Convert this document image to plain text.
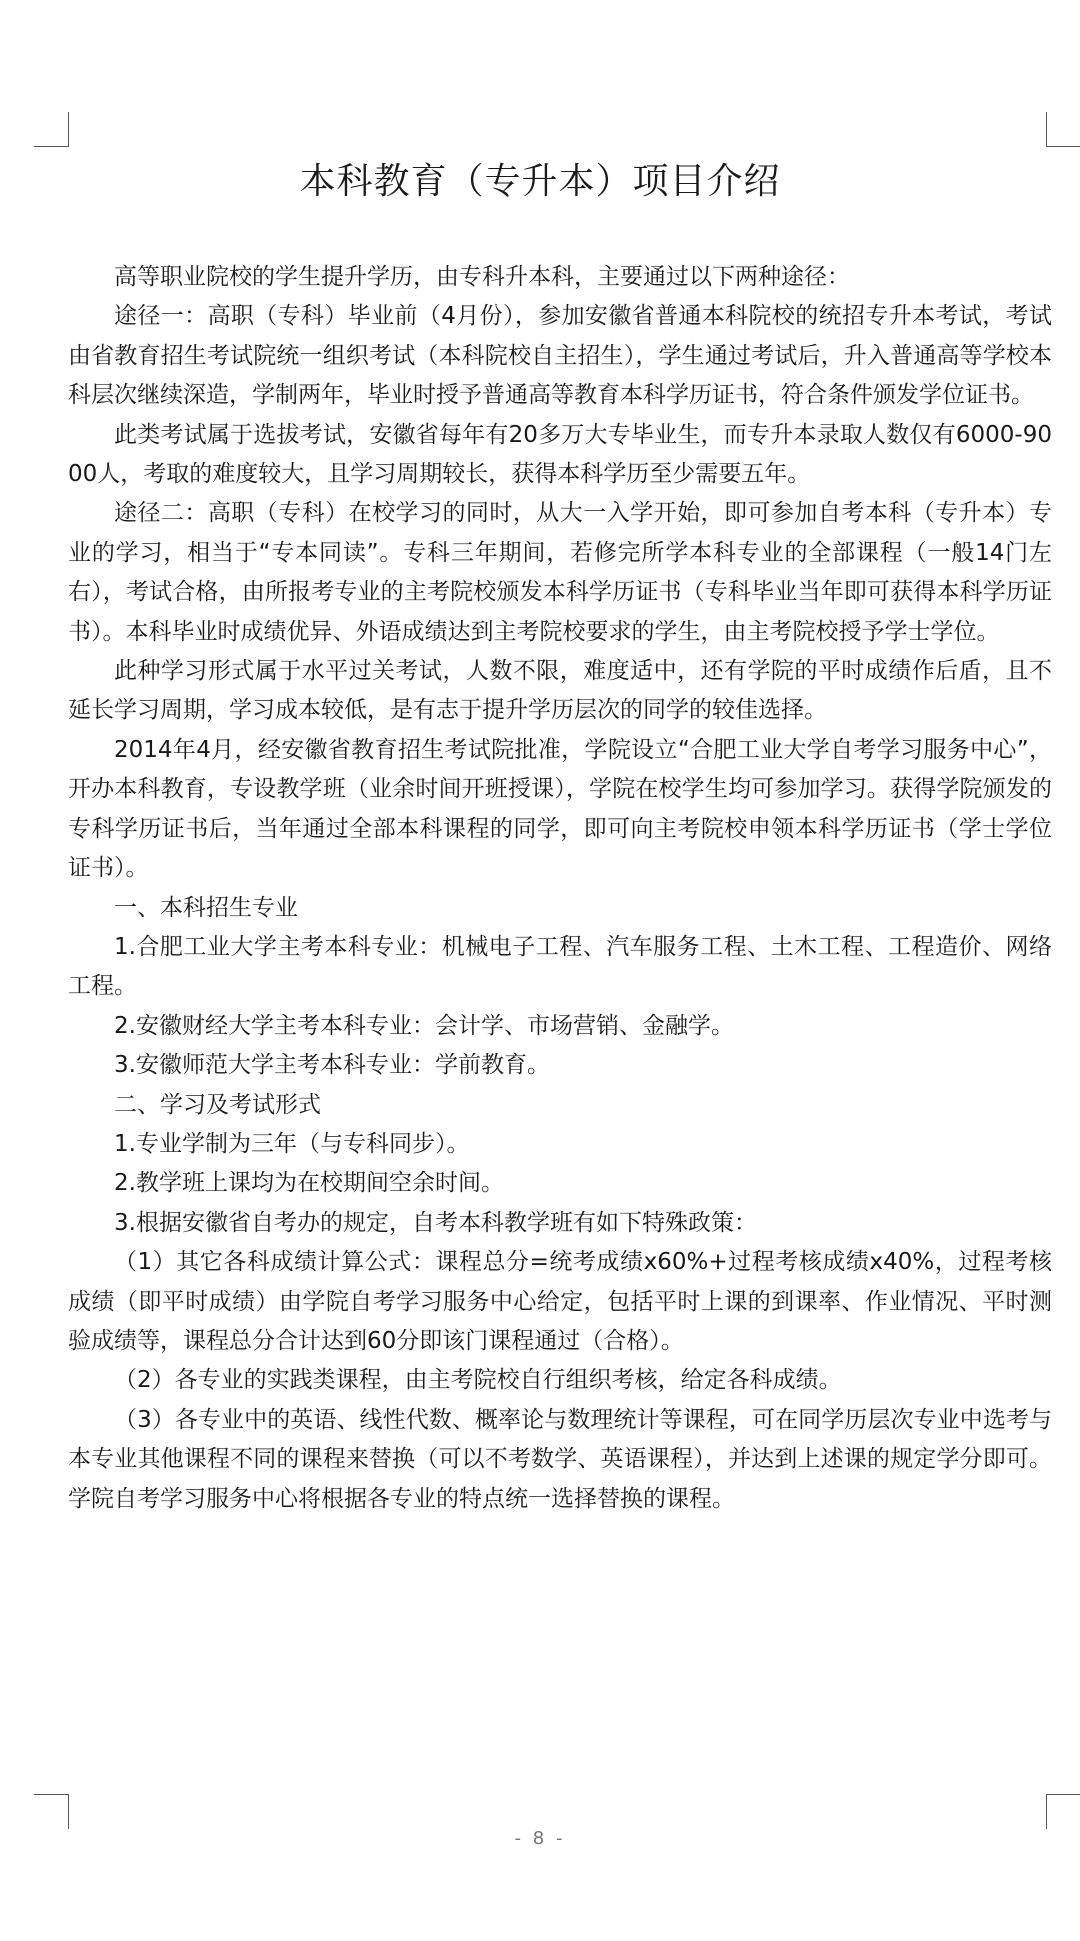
本科教育（专升本）项目介绍

高等职业院校的学生提升学历，由专科升本科，主要通过以下两种途径：

途径一：高职（专科）毕业前（4月份），参加安徽省普通本科院校的统招专升本考试，考试由省教育招生考试院统一组织考试（本科院校自主招生），学生通过考试后，升入普通高等学校本科层次继续深造，学制两年，毕业时授予普通高等教育本科学历证书，符合条件颁发学位证书。

此类考试属于选拔考试，安徽省每年有20多万大专毕业生，而专升本录取人数仅有6000-9000人，考取的难度较大，且学习周期较长，获得本科学历至少需要五年。

途径二：高职（专科）在校学习的同时，从大一入学开始，即可参加自考本科（专升本）专业的学习，相当于“专本同读”。专科三年期间，若修完所学本科专业的全部课程（一般14门左右），考试合格，由所报考专业的主考院校颁发本科学历证书（专科毕业当年即可获得本科学历证书）。本科毕业时成绩优异、外语成绩达到主考院校要求的学生，由主考院校授予学士学位。

此种学习形式属于水平过关考试，人数不限，难度适中，还有学院的平时成绩作后盾，且不延长学习周期，学习成本较低，是有志于提升学历层次的同学的较佳选择。

2014年4月，经安徽省教育招生考试院批准，学院设立“合肥工业大学自考学习服务中心”，开办本科教育，专设教学班（业余时间开班授课），学院在校学生均可参加学习。获得学院颁发的专科学历证书后，当年通过全部本科课程的同学，即可向主考院校申领本科学历证书（学士学位证书）。

一、本科招生专业

1.合肥工业大学主考本科专业：机械电子工程、汽车服务工程、土木工程、工程造价、网络工程。

2.安徽财经大学主考本科专业：会计学、市场营销、金融学。

3.安徽师范大学主考本科专业：学前教育。

二、学习及考试形式

1.专业学制为三年（与专科同步）。

2.教学班上课均为在校期间空余时间。

3.根据安徽省自考办的规定，自考本科教学班有如下特殊政策：

（1）其它各科成绩计算公式：课程总分=统考成绩x60%+过程考核成绩x40%，过程考核成绩（即平时成绩）由学院自考学习服务中心给定，包括平时上课的到课率、作业情况、平时测验成绩等，课程总分合计达到60分即该门课程通过（合格）。

（2）各专业的实践类课程，由主考院校自行组织考核，给定各科成绩。

（3）各专业中的英语、线性代数、概率论与数理统计等课程，可在同学历层次专业中选考与本专业其他课程不同的课程来替换（可以不考数学、英语课程），并达到上述课的规定学分即可。学院自考学习服务中心将根据各专业的特点统一选择替换的课程。

- 8 -
